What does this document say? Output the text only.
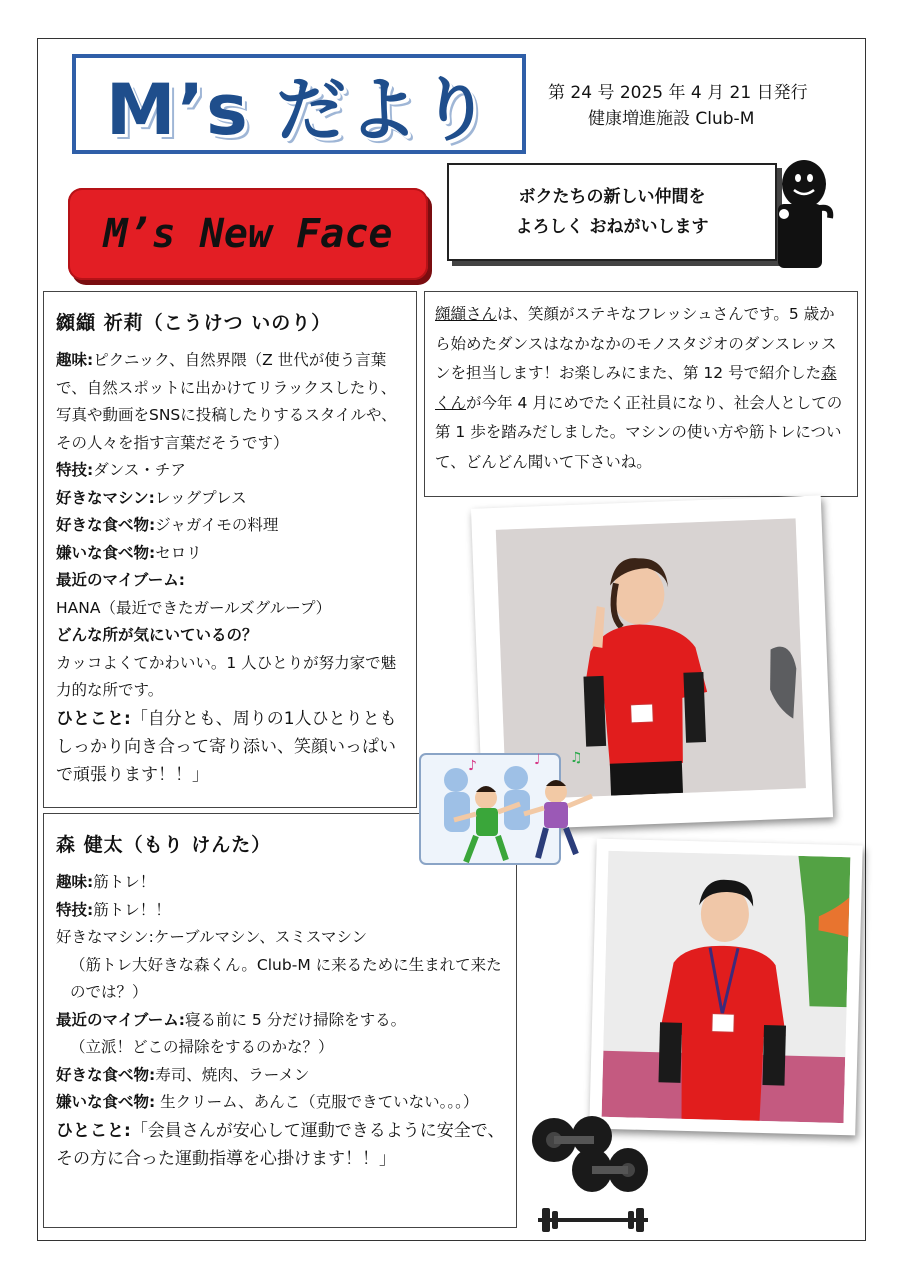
M’s だより	第 24 号 2025 年 4 月 21 日発行
健康増進施設 Club-M
M’s New Face
ボクたちの新しい仲間を
よろしく おねがいします
纐纈 祈莉（こうけつ いのり）
趣味:ピクニック、自然界隈（Z 世代が使う言葉で、自然スポットに出かけてリラックスしたり、写真や動画をSNSに投稿したりするスタイルや、その人々を指す言葉だそうです）
特技:ダンス・チア
好きなマシン:レッグプレス
好きな食べ物:ジャガイモの料理
嫌いな食べ物:セロリ
最近のマイブーム:
HANA（最近できたガールズグループ）
どんな所が気にいているの？
カッコよくてかわいい。1 人ひとりが努力家で魅力的な所です。
ひとこと:「自分とも、周りの1人ひとりともしっかり向き合って寄り添い、笑顔いっぱいで頑張ります！！」
森 健太（もり けんた）
趣味:筋トレ！
特技:筋トレ！！
好きなマシン:ケーブルマシン、スミスマシン
（筋トレ大好きな森くん。Club-M に来るために生まれて来たのでは？）
最近のマイブーム:寝る前に 5 分だけ掃除をする。
（立派！どこの掃除をするのかな？）
好きな食べ物:寿司、焼肉、ラーメン
嫌いな食べ物: 生クリーム、あんこ（克服できていない。。。）
ひとこと:「会員さんが安心して運動できるように安全で、その方に合った運動指導を心掛けます！！」
纐纈さんは、笑顔がステキなフレッシュさんです。5 歳から始めたダンスはなかなかのモノスタジオのダンスレッスンを担当します！お楽しみにまた、第 12 号で紹介した森くんが今年 4 月にめでたく正社員になり、社会人としての第 1 歩を踏みだしました。マシンの使い方や筋トレについて、どんどん聞いて下さいね。
♪	♩ ♫
